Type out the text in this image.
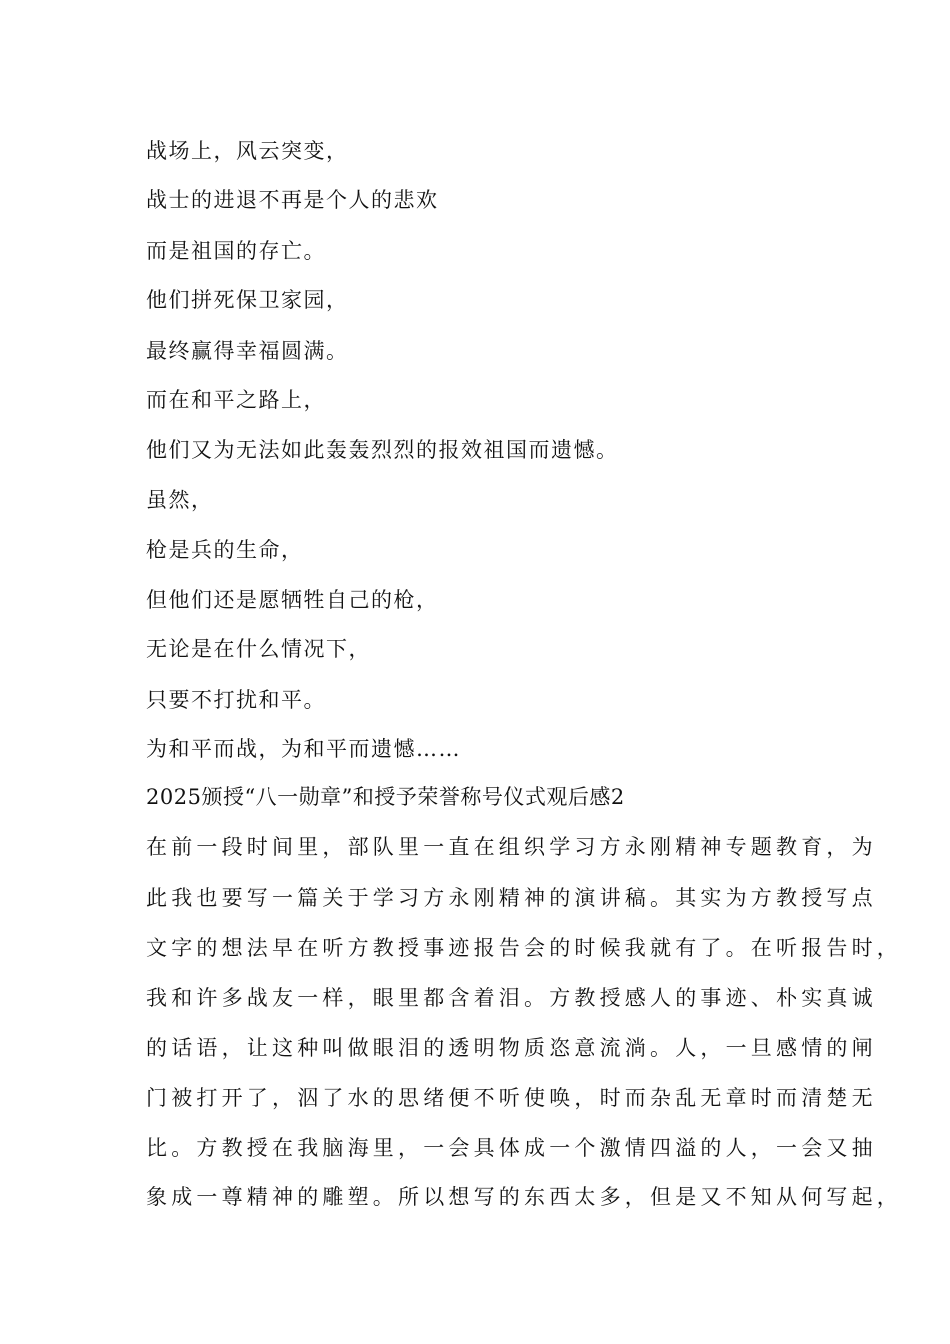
战场上，风云突变，
战士的进退不再是个人的悲欢
而是祖国的存亡。
他们拼死保卫家园，
最终赢得幸福圆满。
而在和平之路上，
他们又为无法如此轰轰烈烈的报效祖国而遗憾。
虽然，
枪是兵的生命，
但他们还是愿牺牲自己的枪，
无论是在什么情况下，
只要不打扰和平。
为和平而战，为和平而遗憾……
2025颁授“八一勋章”和授予荣誉称号仪式观后感2
在前一段时间里，部队里一直在组织学习方永刚精神专题教育，为
此我也要写一篇关于学习方永刚精神的演讲稿。其实为方教授写点
文字的想法早在听方教授事迹报告会的时候我就有了。在听报告时，
我和许多战友一样，眼里都含着泪。方教授感人的事迹、朴实真诚
的话语，让这种叫做眼泪的透明物质恣意流淌。人，一旦感情的闸
门被打开了，泅了水的思绪便不听使唤，时而杂乱无章时而清楚无
比。方教授在我脑海里，一会具体成一个激情四溢的人，一会又抽
象成一尊精神的雕塑。所以想写的东西太多，但是又不知从何写起，
